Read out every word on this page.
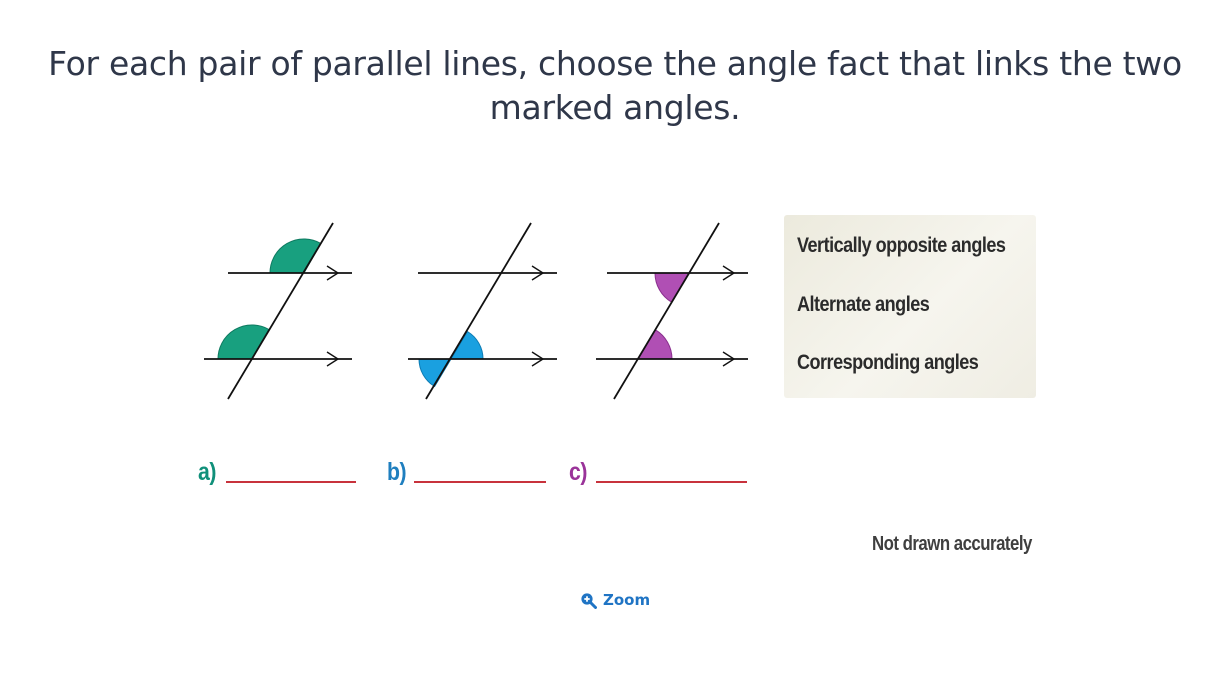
For each pair of parallel lines, choose the angle fact that links the two marked angles.
Vertically opposite angles
Alternate angles
Corresponding angles
a)	b)	c)
Not drawn accurately
Zoom
